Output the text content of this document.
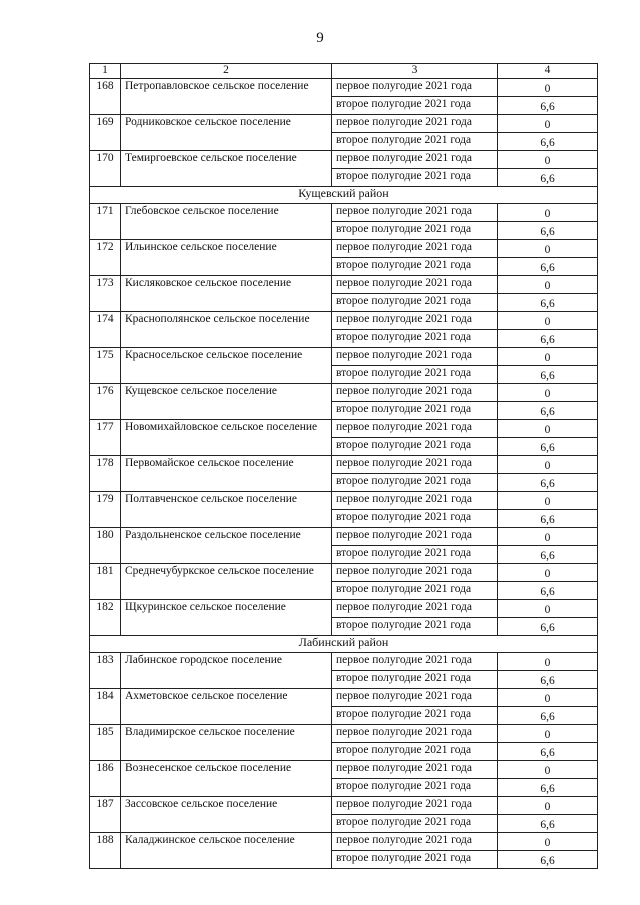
9
1	2	3	4
168	Петропавловское сельское поселение	первое полугодие 2021 года	0
		второе полугодие 2021 года	6,6
169	Родниковское сельское поселение	первое полугодие 2021 года	0
		второе полугодие 2021 года	6,6
170	Темиргоевское сельское поселение	первое полугодие 2021 года	0
		второе полугодие 2021 года	6,6
Кущевский район			
171	Глебовское сельское поселение	первое полугодие 2021 года	0
		второе полугодие 2021 года	6,6
172	Ильинское сельское поселение	первое полугодие 2021 года	0
		второе полугодие 2021 года	6,6
173	Кисляковское сельское поселение	первое полугодие 2021 года	0
		второе полугодие 2021 года	6,6
174	Краснополянское сельское поселение	первое полугодие 2021 года	0
		второе полугодие 2021 года	6,6
175	Красносельское сельское поселение	первое полугодие 2021 года	0
		второе полугодие 2021 года	6,6
176	Кущевское сельское поселение	первое полугодие 2021 года	0
		второе полугодие 2021 года	6,6
177	Новомихайловское сельское поселение	первое полугодие 2021 года	0
		второе полугодие 2021 года	6,6
178	Первомайское сельское поселение	первое полугодие 2021 года	0
		второе полугодие 2021 года	6,6
179	Полтавченское сельское поселение	первое полугодие 2021 года	0
		второе полугодие 2021 года	6,6
180	Раздольненское сельское поселение	первое полугодие 2021 года	0
		второе полугодие 2021 года	6,6
181	Среднечубуркское сельское поселение	первое полугодие 2021 года	0
		второе полугодие 2021 года	6,6
182	Щкуринское сельское поселение	первое полугодие 2021 года	0
		второе полугодие 2021 года	6,6
Лабинский район			
183	Лабинское городское поселение	первое полугодие 2021 года	0
		второе полугодие 2021 года	6,6
184	Ахметовское сельское поселение	первое полугодие 2021 года	0
		второе полугодие 2021 года	6,6
185	Владимирское сельское поселение	первое полугодие 2021 года	0
		второе полугодие 2021 года	6,6
186	Вознесенское сельское поселение	первое полугодие 2021 года	0
		второе полугодие 2021 года	6,6
187	Зассовское сельское поселение	первое полугодие 2021 года	0
		второе полугодие 2021 года	6,6
188	Каладжинское сельское поселение	первое полугодие 2021 года	0
		второе полугодие 2021 года	6,6
